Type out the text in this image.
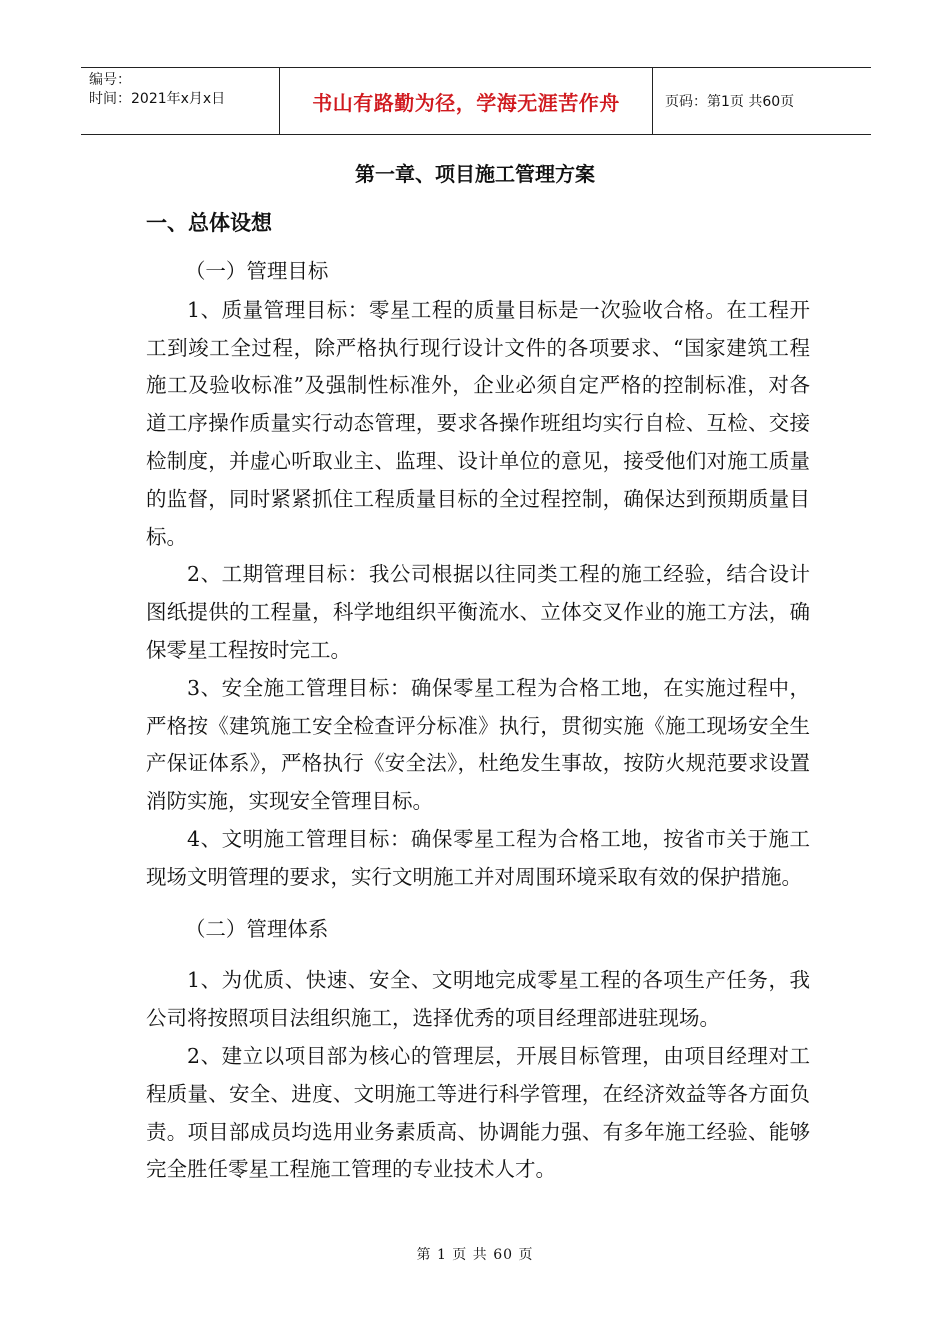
编号：
时间：2021年x月x日	书山有路勤为径，学海无涯苦作舟	页码：第1页 共60页
第一章、项目施工管理方案
一、总体设想

（一）管理目标

1、质量管理目标：零星工程的质量目标是一次验收合格。在工程开工到竣工全过程，除严格执行现行设计文件的各项要求、“国家建筑工程施工及验收标准”及强制性标准外，企业必须自定严格的控制标准，对各道工序操作质量实行动态管理，要求各操作班组均实行自检、互检、交接检制度，并虚心听取业主、监理、设计单位的意见，接受他们对施工质量的监督，同时紧紧抓住工程质量目标的全过程控制，确保达到预期质量目标。

2、工期管理目标：我公司根据以往同类工程的施工经验，结合设计图纸提供的工程量，科学地组织平衡流水、立体交叉作业的施工方法，确保零星工程按时完工。

3、安全施工管理目标：确保零星工程为合格工地，在实施过程中，严格按《建筑施工安全检查评分标准》执行，贯彻实施《施工现场安全生产保证体系》，严格执行《安全法》，杜绝发生事故，按防火规范要求设置消防实施，实现安全管理目标。

4、文明施工管理目标：确保零星工程为合格工地，按省市关于施工现场文明管理的要求，实行文明施工并对周围环境采取有效的保护措施。

（二）管理体系

1、为优质、快速、安全、文明地完成零星工程的各项生产任务，我公司将按照项目法组织施工，选择优秀的项目经理部进驻现场。

2、建立以项目部为核心的管理层，开展目标管理，由项目经理对工程质量、安全、进度、文明施工等进行科学管理，在经济效益等各方面负责。项目部成员均选用业务素质高、协调能力强、有多年施工经验、能够完全胜任零星工程施工管理的专业技术人才。

第 1 页 共 60 页
